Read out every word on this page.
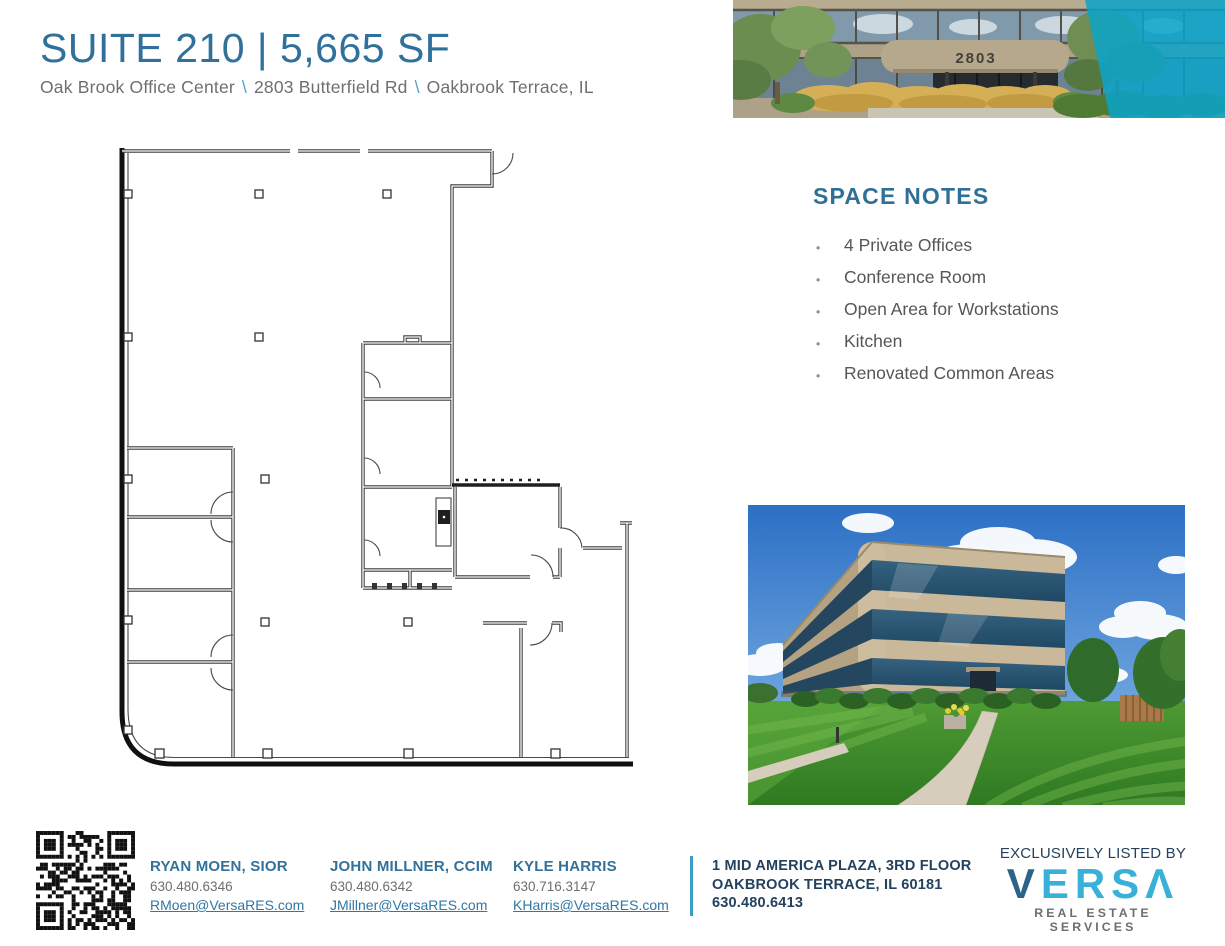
SUITE 210 | 5,665 SF
Oak Brook Office Center \ 2803 Butterfield Rd \ Oakbrook Terrace, IL
2803
SPACE NOTES
• 4 Private Offices
• Conference Room
• Open Area for Workstations
• Kitchen
• Renovated Common Areas
RYAN MOEN, SIOR
630.480.6346
RMoen@VersaRES.com
JOHN MILLNER, CCIM
630.480.6342
JMillner@VersaRES.com
KYLE HARRIS
630.716.3147
KHarris@VersaRES.com
1 MID AMERICA PLAZA, 3RD FLOOR
OAKBROOK TERRACE, IL 60181
630.480.6413
EXCLUSIVELY LISTED BY
VERSΛ
REAL ESTATE SERVICES
